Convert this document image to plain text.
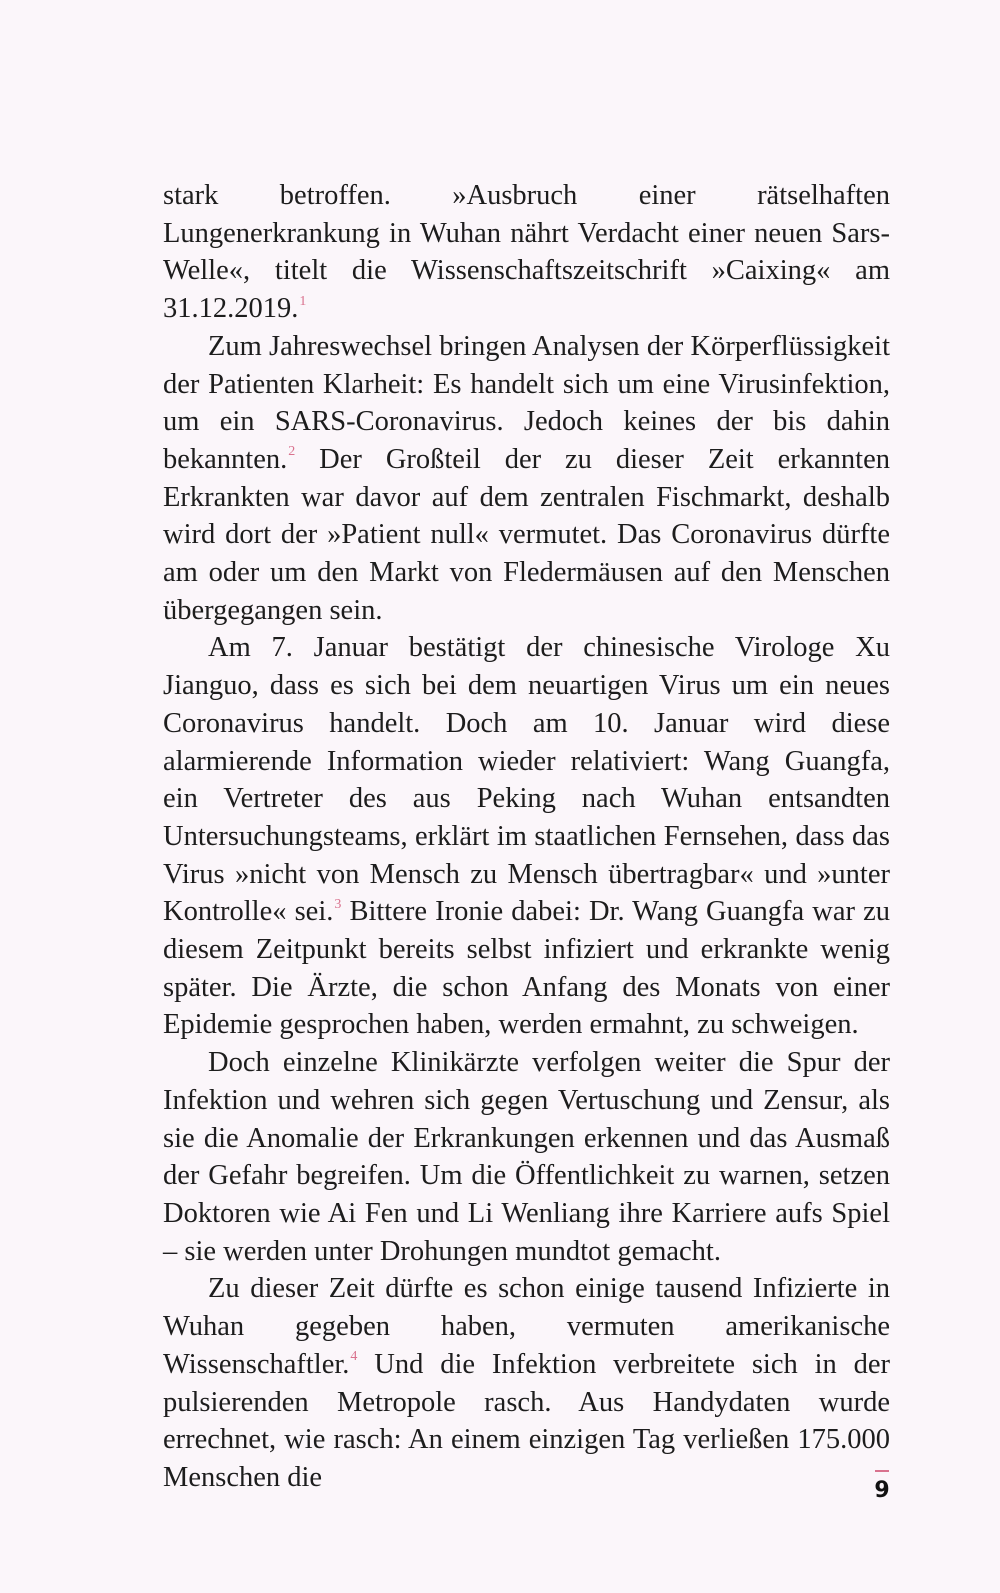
stark betroffen. »Ausbruch einer rätselhaften Lungenerkrankung in Wuhan nährt Verdacht einer neuen Sars-Welle«, titelt die Wissenschaftszeitschrift »Caixing« am 31.12.2019.$^1$

Zum Jahreswechsel bringen Analysen der Körperflüssigkeit der Patienten Klarheit: Es handelt sich um eine Virusinfektion, um ein SARS-Coronavirus. Jedoch keines der bis dahin bekannten.$^2$ Der Großteil der zu dieser Zeit erkannten Erkrankten war davor auf dem zentralen Fischmarkt, deshalb wird dort der »Patient null« vermutet. Das Coronavirus dürfte am oder um den Markt von Fledermäusen auf den Menschen übergegangen sein.

Am 7. Januar bestätigt der chinesische Virologe Xu Jianguo, dass es sich bei dem neuartigen Virus um ein neues Coronavirus handelt. Doch am 10. Januar wird diese alarmierende Information wieder relativiert: Wang Guangfa, ein Vertreter des aus Peking nach Wuhan entsandten Untersuchungsteams, erklärt im staatlichen Fernsehen, dass das Virus »nicht von Mensch zu Mensch übertragbar« und »unter Kontrolle« sei.$^3$ Bittere Ironie dabei: Dr. Wang Guangfa war zu diesem Zeitpunkt bereits selbst infiziert und erkrankte wenig später. Die Ärzte, die schon Anfang des Monats von einer Epidemie gesprochen haben, werden ermahnt, zu schweigen.

Doch einzelne Klinikärzte verfolgen weiter die Spur der Infektion und wehren sich gegen Vertuschung und Zensur, als sie die Anomalie der Erkrankungen erkennen und das Ausmaß der Gefahr begreifen. Um die Öffentlichkeit zu warnen, setzen Doktoren wie Ai Fen und Li Wenliang ihre Karriere aufs Spiel – sie werden unter Drohungen mundtot gemacht.

Zu dieser Zeit dürfte es schon einige tausend Infizierte in Wuhan gegeben haben, vermuten amerikanische Wissenschaftler.$^4$ Und die Infektion verbreitete sich in der pulsierenden Metropole rasch. Aus Handydaten wurde errechnet, wie rasch: An einem einzigen Tag verließen 175.000 Menschen die	9
